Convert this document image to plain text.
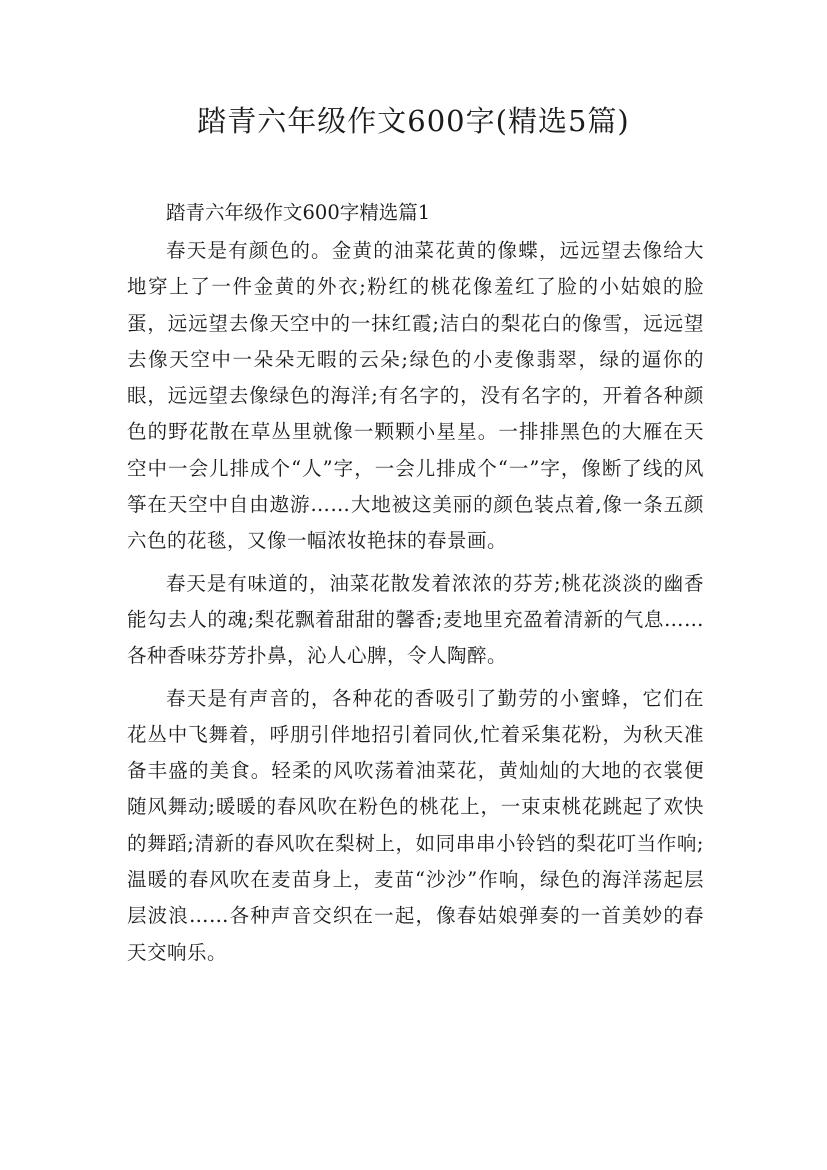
踏青六年级作文600字(精选5篇)

踏青六年级作文600字精选篇1

春天是有颜色的。金黄的油菜花黄的像蝶，远远望去像给大地穿上了一件金黄的外衣;粉红的桃花像羞红了脸的小姑娘的脸蛋，远远望去像天空中的一抹红霞;洁白的梨花白的像雪，远远望去像天空中一朵朵无暇的云朵;绿色的小麦像翡翠，绿的逼你的眼，远远望去像绿色的海洋;有名字的，没有名字的，开着各种颜色的野花散在草丛里就像一颗颗小星星。一排排黑色的大雁在天空中一会儿排成个“人”字，一会儿排成个“一”字，像断了线的风筝在天空中自由遨游……大地被这美丽的颜色装点着,像一条五颜六色的花毯，又像一幅浓妆艳抹的春景画。

春天是有味道的，油菜花散发着浓浓的芬芳;桃花淡淡的幽香能勾去人的魂;梨花飘着甜甜的馨香;麦地里充盈着清新的气息……各种香味芬芳扑鼻，沁人心脾，令人陶醉。

春天是有声音的，各种花的香吸引了勤劳的小蜜蜂，它们在花丛中飞舞着，呼朋引伴地招引着同伙,忙着采集花粉，为秋天准备丰盛的美食。轻柔的风吹荡着油菜花，黄灿灿的大地的衣裳便随风舞动;暖暖的春风吹在粉色的桃花上，一束束桃花跳起了欢快的舞蹈;清新的春风吹在梨树上，如同串串小铃铛的梨花叮当作响;温暖的春风吹在麦苗身上，麦苗“沙沙”作响，绿色的海洋荡起层层波浪……各种声音交织在一起，像春姑娘弹奏的一首美妙的春天交响乐。
